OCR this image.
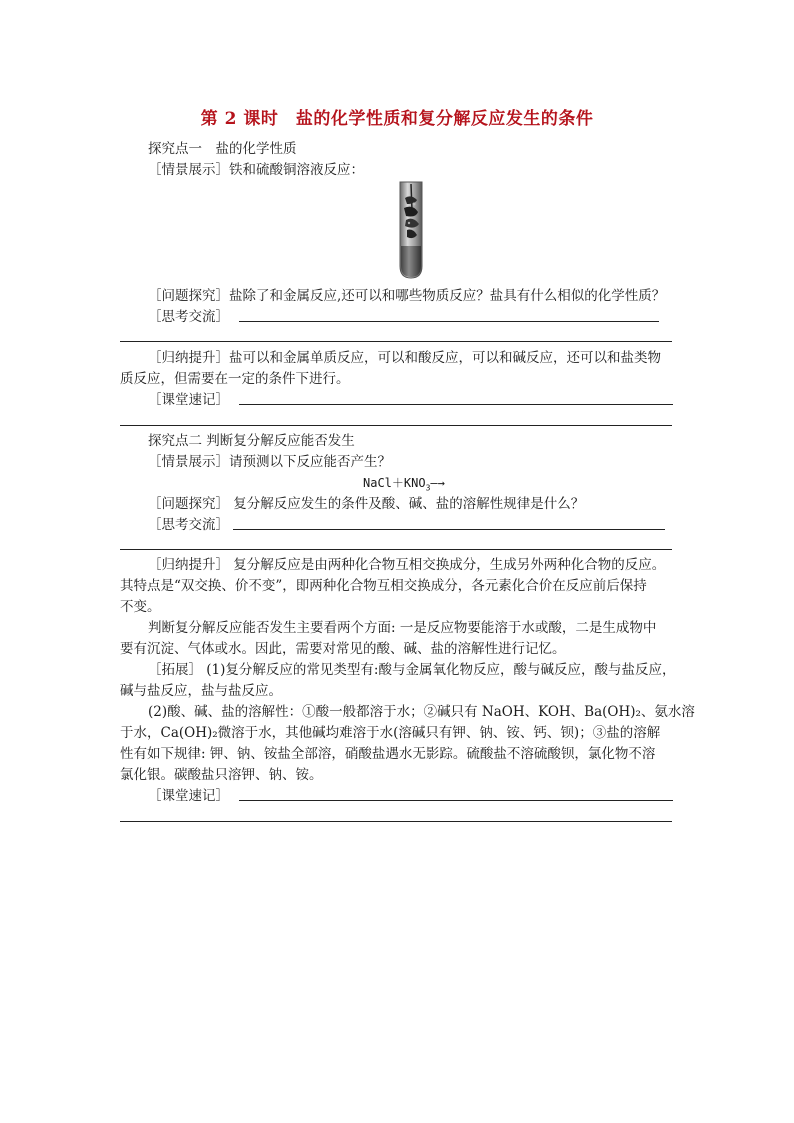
第 2 课时　盐的化学性质和复分解反应发生的条件
探究点一　盐的化学性质
［情景展示］铁和硫酸铜溶液反应：
［问题探究］盐除了和金属反应,还可以和哪些物质反应？盐具有什么相似的化学性质？
［思考交流］
［归纳提升］盐可以和金属单质反应，可以和酸反应，可以和碱反应，还可以和盐类物
质反应，但需要在一定的条件下进行。
［课堂速记］
探究点二 判断复分解反应能否发生
［情景展示］请预测以下反应能否产生？
$NaCl+KNO_3—\to$
［问题探究］ 复分解反应发生的条件及酸、碱、盐的溶解性规律是什么？
［思考交流］
［归纳提升］ 复分解反应是由两种化合物互相交换成分，生成另外两种化合物的反应。
其特点是“双交换、价不变”，即两种化合物互相交换成分，各元素化合价在反应前后保持
不变。
判断复分解反应能否发生主要看两个方面: 一是反应物要能溶于水或酸，二是生成物中
要有沉淀、气体或水。因此，需要对常见的酸、碱、盐的溶解性进行记忆。
［拓展］ (1)复分解反应的常见类型有:酸与金属氧化物反应，酸与碱反应，酸与盐反应，
碱与盐反应，盐与盐反应。
(2)酸、碱、盐的溶解性：①酸一般都溶于水；②碱只有 NaOH、KOH、Ba(OH)₂、氨水溶
于水，Ca(OH)₂微溶于水，其他碱均难溶于水(溶碱只有钾、钠、铵、钙、钡)；③盐的溶解
性有如下规律: 钾、钠、铵盐全部溶，硝酸盐遇水无影踪。硫酸盐不溶硫酸钡，氯化物不溶
氯化银。碳酸盐只溶钾、钠、铵。
［课堂速记］
